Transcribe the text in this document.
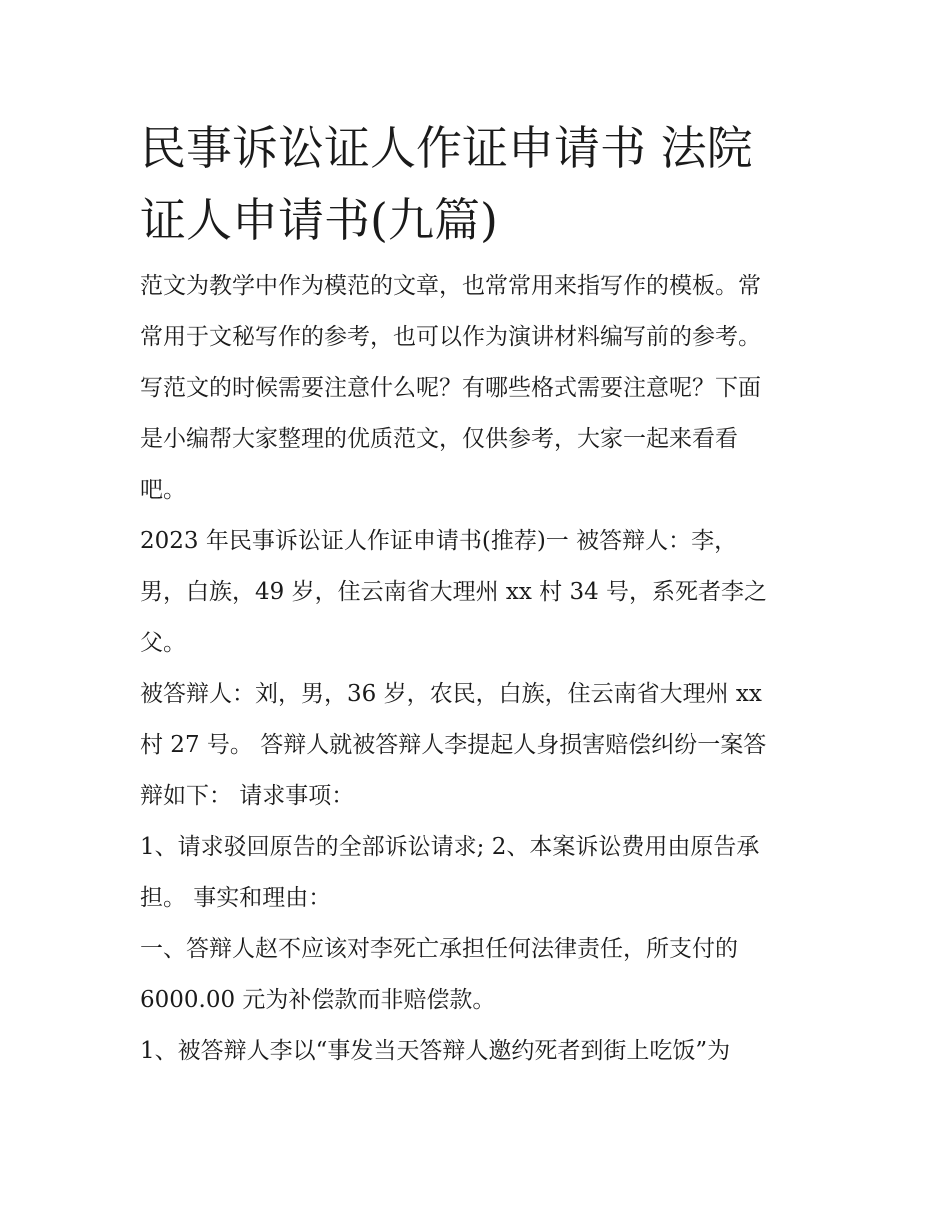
民事诉讼证人作证申请书 法院
证人申请书(九篇)
范文为教学中作为模范的文章，也常常用来指写作的模板。常
常用于文秘写作的参考，也可以作为演讲材料编写前的参考。
写范文的时候需要注意什么呢？有哪些格式需要注意呢？下面
是小编帮大家整理的优质范文，仅供参考，大家一起来看看
吧。
2023 年民事诉讼证人作证申请书(推荐)一 被答辩人：李，
男，白族，49 岁，住云南省大理州 xx 村 34 号，系死者李之
父。
被答辩人：刘，男，36 岁，农民，白族，住云南省大理州 xx
村 27 号。 答辩人就被答辩人李提起人身损害赔偿纠纷一案答
辩如下： 请求事项：
1、请求驳回原告的全部诉讼请求; 2、本案诉讼费用由原告承
担。 事实和理由：
一、答辩人赵不应该对李死亡承担任何法律责任，所支付的
6000.00 元为补偿款而非赔偿款。
1、被答辩人李以“事发当天答辩人邀约死者到街上吃饭”为
